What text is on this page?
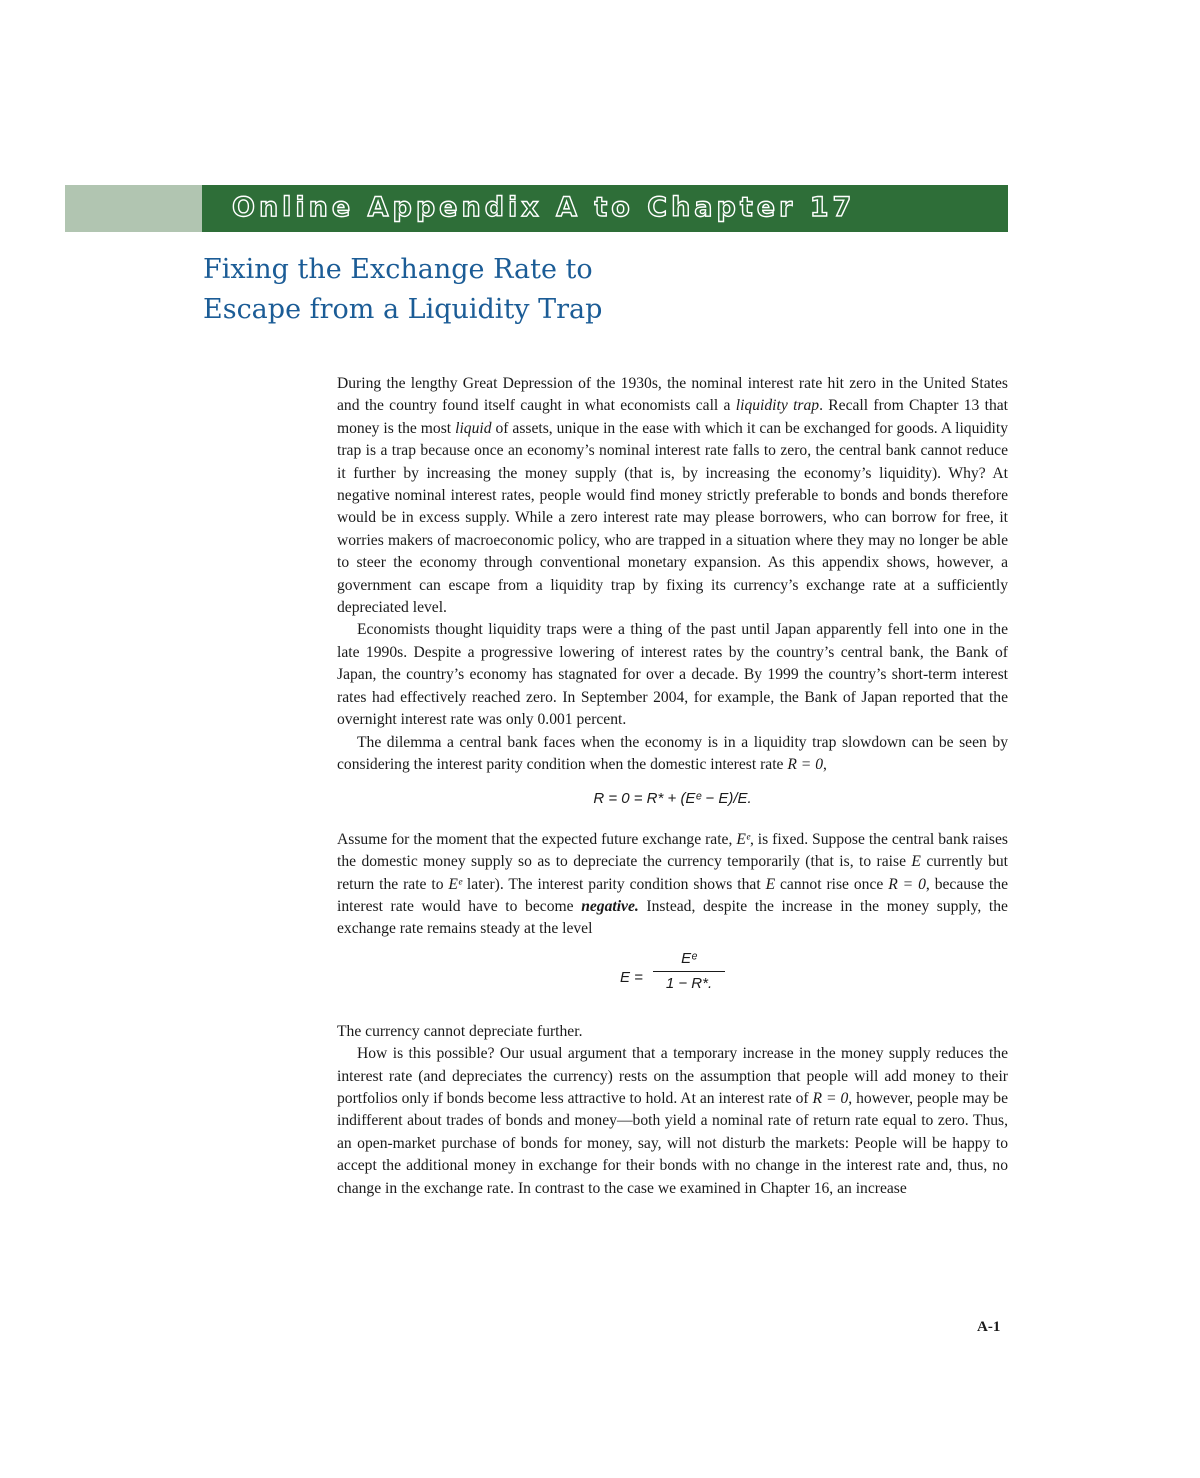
Online Appendix A to Chapter 17
Fixing the Exchange Rate to
Escape from a Liquidity Trap

During the lengthy Great Depression of the 1930s, the nominal interest rate hit zero in the United States and the country found itself caught in what economists call a liquidity trap. Recall from Chapter 13 that money is the most liquid of assets, unique in the ease with which it can be exchanged for goods. A liquidity trap is a trap because once an economy’s nominal interest rate falls to zero, the central bank cannot reduce it further by increasing the money supply (that is, by increasing the economy’s liquidity). Why? At negative nominal interest rates, people would find money strictly preferable to bonds and bonds therefore would be in excess supply. While a zero interest rate may please borrowers, who can borrow for free, it worries makers of macroeconomic policy, who are trapped in a situation where they may no longer be able to steer the economy through conventional monetary expansion. As this appendix shows, however, a government can escape from a liquidity trap by fixing its currency’s exchange rate at a sufficiently depreciated level.

Economists thought liquidity traps were a thing of the past until Japan apparently fell into one in the late 1990s. Despite a progressive lowering of interest rates by the country’s central bank, the Bank of Japan, the country’s economy has stagnated for over a decade. By 1999 the country’s short-term interest rates had effectively reached zero. In September 2004, for example, the Bank of Japan reported that the overnight interest rate was only 0.001 percent.

The dilemma a central bank faces when the economy is in a liquidity trap slowdown can be seen by considering the interest parity condition when the domestic interest rate R = 0,

R = 0 = R* + (Eᵉ − E)/E.

Assume for the moment that the expected future exchange rate, Eᵉ, is fixed. Suppose the central bank raises the domestic money supply so as to depreciate the currency temporarily (that is, to raise E currently but return the rate to Eᵉ later). The interest parity condition shows that E cannot rise once R = 0, because the interest rate would have to become negative. Instead, despite the increase in the money supply, the exchange rate remains steady at the level

E =
Eᵉ
1 − R*.

The currency cannot depreciate further.

How is this possible? Our usual argument that a temporary increase in the money supply reduces the interest rate (and depreciates the currency) rests on the assumption that people will add money to their portfolios only if bonds become less attractive to hold. At an interest rate of R = 0, however, people may be indifferent about trades of bonds and money—both yield a nominal rate of return rate equal to zero. Thus, an open-market purchase of bonds for money, say, will not disturb the markets: People will be happy to accept the additional money in exchange for their bonds with no change in the interest rate and, thus, no change in the exchange rate. In contrast to the case we examined in Chapter 16, an increase

A-1
